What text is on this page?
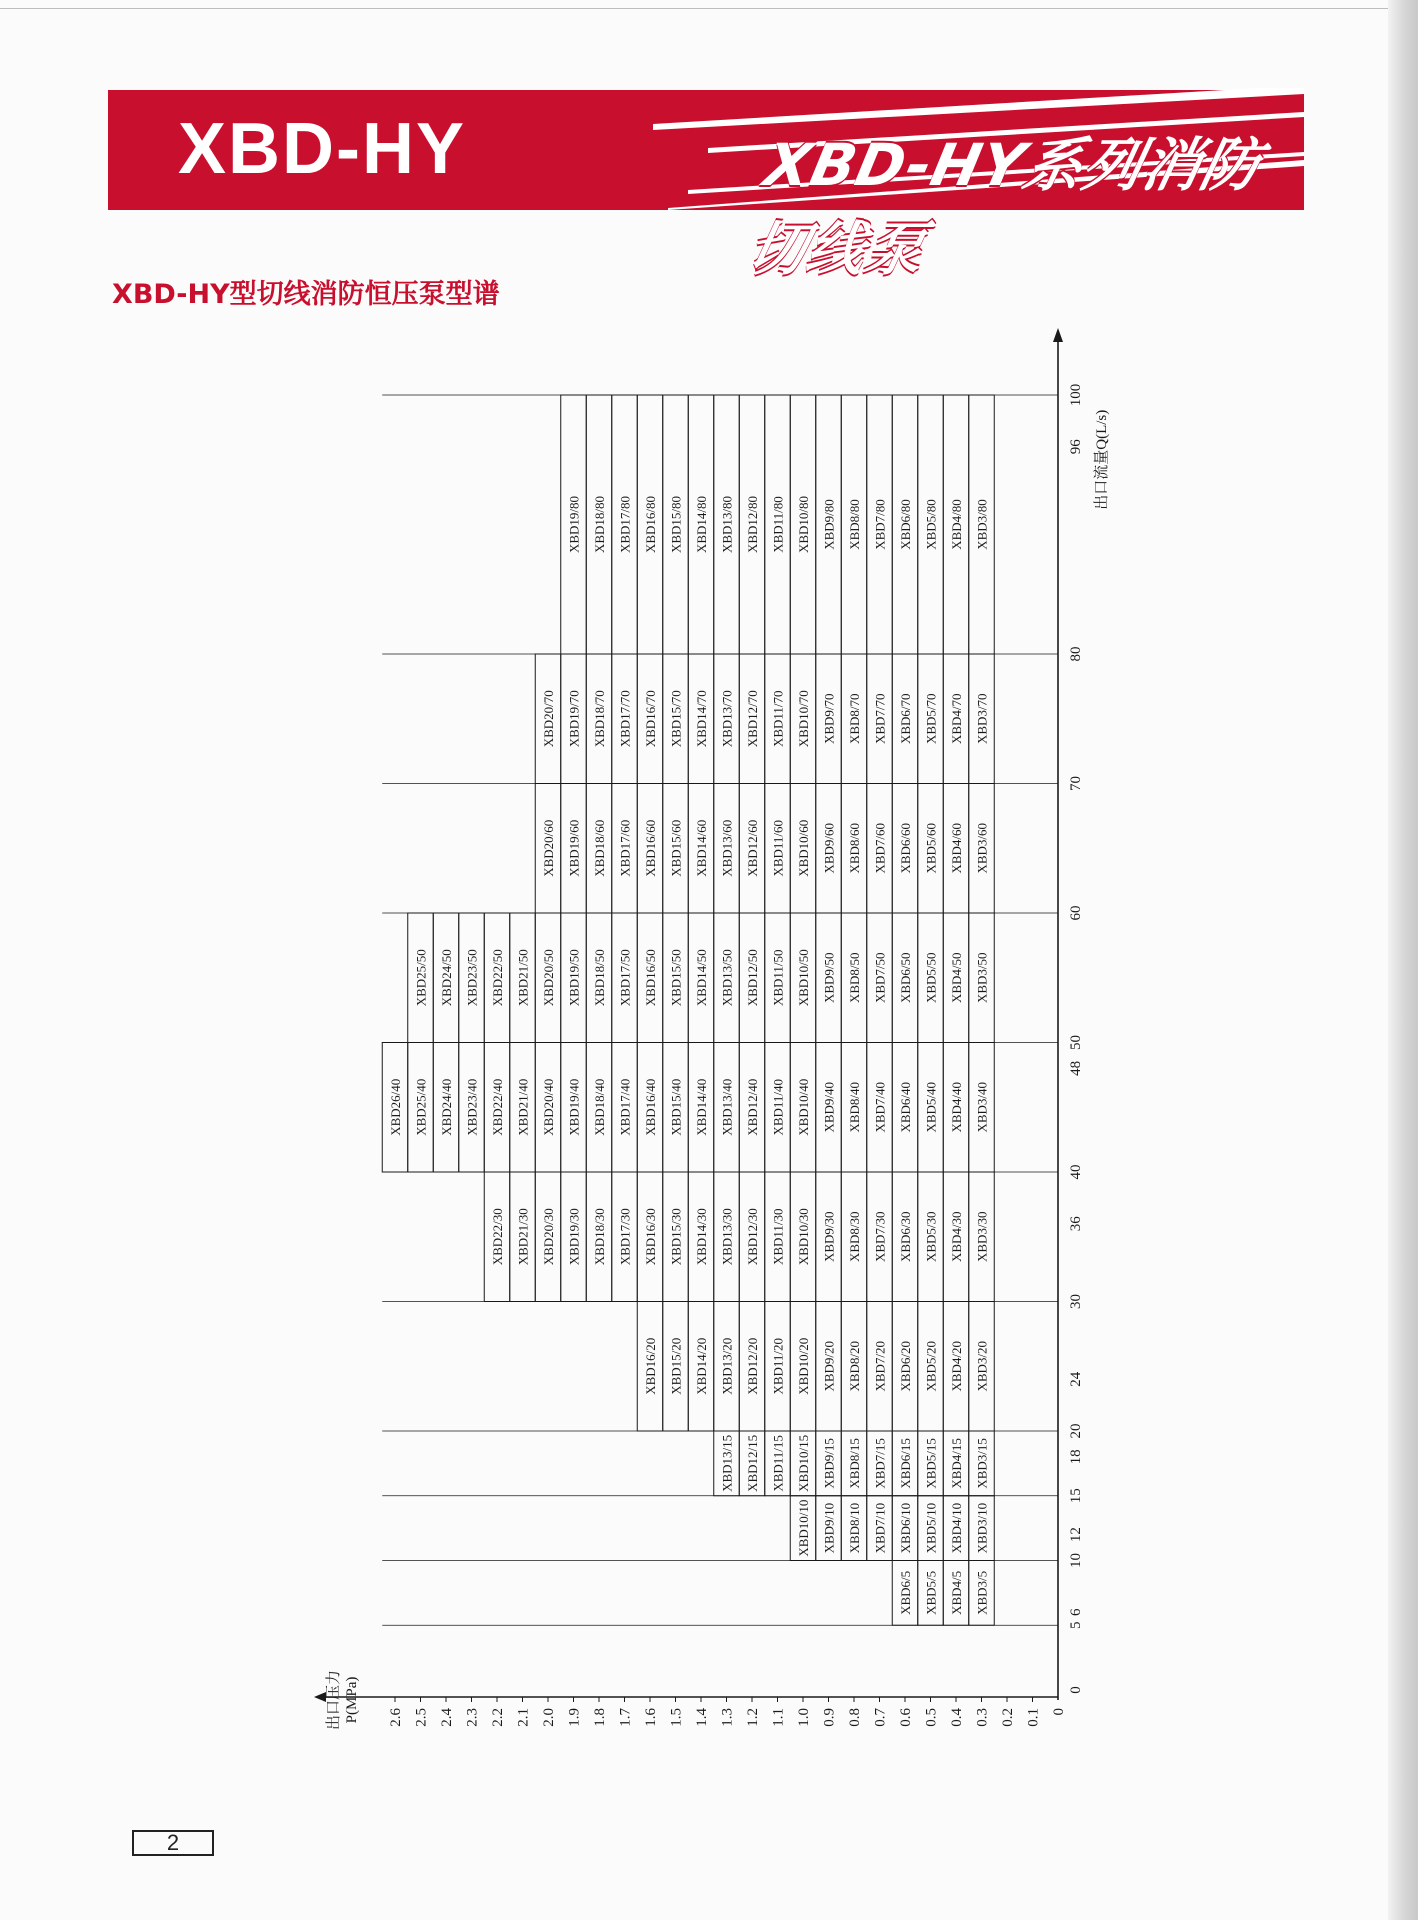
XBD-HY	XBD-HY系列消防切线泵
XBD-HY型切线消防恒压泵型谱
0
5
6
10
12
15
18
20
24
30
36
40
48
50
60
70
80
96
100
出口流量Q(L/s)
0.1
0.2
0.3
0.4
0.5
0.6
0.7
0.8
0.9
1.0
1.1
1.2
1.3
1.4
1.5
1.6
1.7
1.8
1.9
2.0
2.1
2.2
2.3
2.4
2.5
2.6	0
出口压力 P(MPa)
XBD3/5
XBD4/5
XBD5/5
XBD6/5
XBD3/10
XBD4/10
XBD5/10
XBD6/10
XBD7/10
XBD8/10
XBD9/10
XBD10/10
XBD3/15
XBD4/15
XBD5/15
XBD6/15
XBD7/15
XBD8/15
XBD9/15
XBD10/15
XBD11/15
XBD12/15
XBD13/15
XBD3/20
XBD4/20
XBD5/20
XBD6/20
XBD7/20
XBD8/20
XBD9/20
XBD10/20
XBD11/20
XBD12/20
XBD13/20
XBD14/20
XBD15/20
XBD16/20
XBD3/30
XBD4/30
XBD5/30
XBD6/30
XBD7/30
XBD8/30
XBD9/30
XBD10/30
XBD11/30
XBD12/30
XBD13/30
XBD14/30
XBD15/30
XBD16/30
XBD17/30
XBD18/30
XBD19/30
XBD20/30
XBD21/30
XBD22/30
XBD3/40
XBD4/40
XBD5/40
XBD6/40
XBD7/40
XBD8/40
XBD9/40
XBD10/40
XBD11/40
XBD12/40
XBD13/40
XBD14/40
XBD15/40
XBD16/40
XBD17/40
XBD18/40
XBD19/40
XBD20/40
XBD21/40
XBD22/40
XBD23/40
XBD24/40
XBD25/40
XBD26/40
XBD3/50
XBD4/50
XBD5/50
XBD6/50
XBD7/50
XBD8/50
XBD9/50
XBD10/50
XBD11/50
XBD12/50
XBD13/50
XBD14/50
XBD15/50
XBD16/50
XBD17/50
XBD18/50
XBD19/50
XBD20/50
XBD21/50
XBD22/50
XBD23/50
XBD24/50
XBD25/50
XBD3/60
XBD4/60
XBD5/60
XBD6/60
XBD7/60
XBD8/60
XBD9/60
XBD10/60
XBD11/60
XBD12/60
XBD13/60
XBD14/60
XBD15/60
XBD16/60
XBD17/60
XBD18/60
XBD19/60
XBD20/60
XBD3/70
XBD4/70
XBD5/70
XBD6/70
XBD7/70
XBD8/70
XBD9/70
XBD10/70
XBD11/70
XBD12/70
XBD13/70
XBD14/70
XBD15/70
XBD16/70
XBD17/70
XBD18/70
XBD19/70
XBD20/70
XBD3/80
XBD4/80
XBD5/80
XBD6/80
XBD7/80
XBD8/80
XBD9/80
XBD10/80
XBD11/80
XBD12/80
XBD13/80
XBD14/80
XBD15/80
XBD16/80
XBD17/80
XBD18/80
XBD19/80
2
